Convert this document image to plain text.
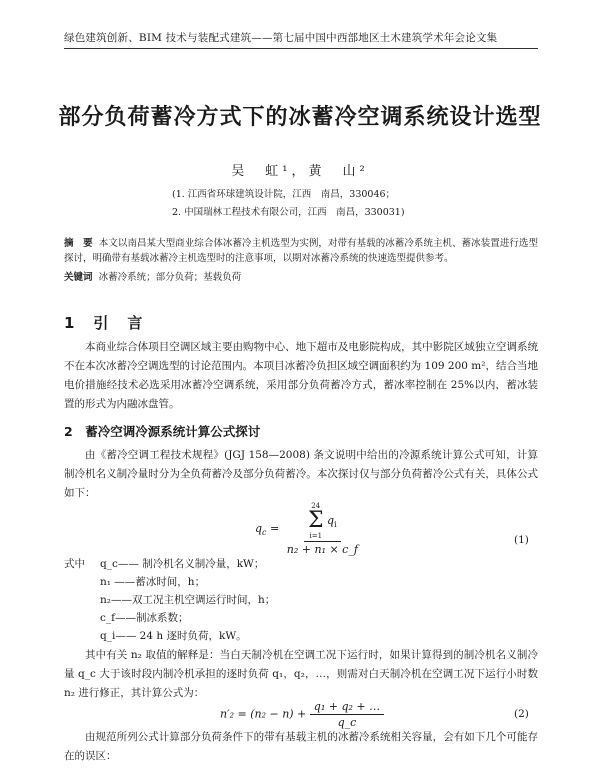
绿色建筑创新、BIM 技术与装配式建筑——第七届中国中西部地区土木建筑学术年会论文集
部分负荷蓄冷方式下的冰蓄冷空调系统设计选型
吴　虹¹，黄　山²
(1. 江西省环球建筑设计院，江西　南昌，330046；
2. 中国瑞林工程技术有限公司，江西　南昌，330031)
摘　要 本文以南昌某大型商业综合体冰蓄冷主机选型为实例，对带有基载的冰蓄冷系统主机、蓄冰装置进行选型探讨，明确带有基载冰蓄冷主机选型时的注意事项，以期对冰蓄冷系统的快速选型提供参考。
关键词 冰蓄冷系统；部分负荷；基载负荷
1　引　言
本商业综合体项目空调区域主要由购物中心、地下超市及电影院构成，其中影院区域独立空调系统不在本次冰蓄冷空调选型的讨论范围内。本项目冰蓄冷负担区域空调面积约为 109 200 m²，结合当地电价措施经技术必选采用冰蓄冷空调系统，采用部分负荷蓄冷方式，蓄冰率控制在 25%以内，蓄冰装置的形式为内融冰盘管。
2　蓄冷空调冷源系统计算公式探讨
由《蓄冷空调工程技术规程》(JGJ 158—2008) 条文说明中给出的冷源系统计算公式可知，计算制冷机名义制冷量时分为全负荷蓄冷及部分负荷蓄冷。本次探讨仅与部分负荷蓄冷公式有关，具体公式如下：
$q_c = 24$
Σ
i=1
$q_i$
n₂ + n₁ × c_f	(1)
式中 q_c—— 制冷机名义制冷量，kW；
n₁ ——蓄冰时间，h；
n₂——双工况主机空调运行时间，h；
c_f——制冰系数；
q_i—— 24 h 逐时负荷，kW。
其中有关 n₂ 取值的解释是：当白天制冷机在空调工况下运行时，如果计算得到的制冷机名义制冷量 q_c 大于该时段内制冷机承担的逐时负荷 q₁，q₂，…，则需对白天制冷机在空调工况下运行小时数 n₂ 进行修正，其计算公式为：
$n'_2 = (n_2 - n) + \frac{\text{q₁ + q₂ + …}}{q\_c}$	(2)
由规范所列公式计算部分负荷条件下的带有基载主机的冰蓄冷系统相关容量，会有如下几个可能存在的误区：
